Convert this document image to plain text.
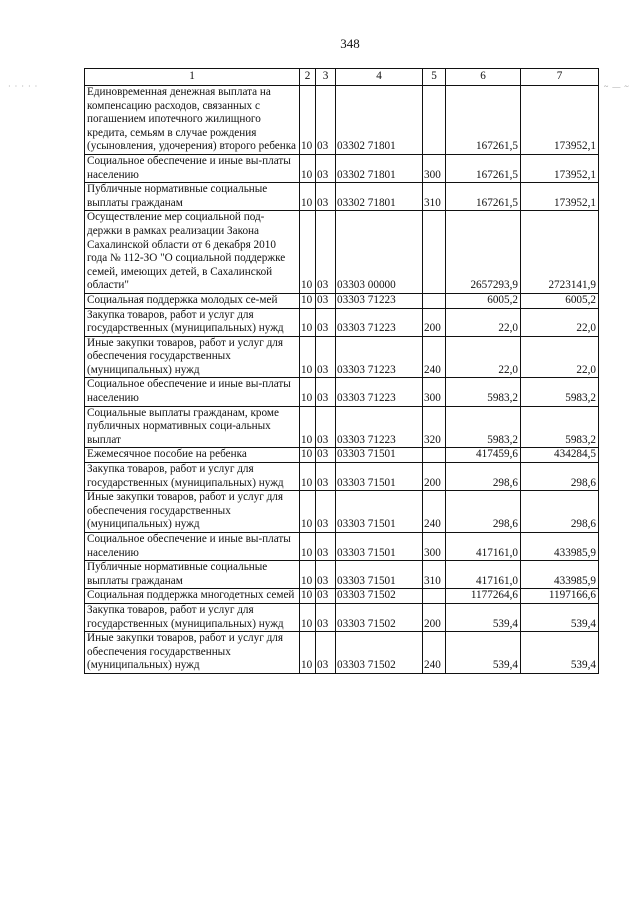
348
· · · · ·	~ — ~
1	2	3	4	5	6	7
Единовременная денежная выплата на компенсацию расходов, связанных с погашением ипотечного жилищного кредита, семьям в случае рождения (усыновления, удочерения) второго ребенка	10	03	03302 71801		167261,5	173952,1
Социальное обеспечение и иные вы-платы населению	10	03	03302 71801	300	167261,5	173952,1
Публичные нормативные социальные выплаты гражданам	10	03	03302 71801	310	167261,5	173952,1
Осуществление мер социальной под-держки в рамках реализации Закона Сахалинской области от 6 декабря 2010 года № 112-ЗО "О социальной поддержке семей, имеющих детей, в Сахалинской области"	10	03	03303 00000		2657293,9	2723141,9
Социальная поддержка молодых се-мей	10	03	03303 71223		6005,2	6005,2
Закупка товаров, работ и услуг для государственных (муниципальных) нужд	10	03	03303 71223	200	22,0	22,0
Иные закупки товаров, работ и услуг для обеспечения государственных (муниципальных) нужд	10	03	03303 71223	240	22,0	22,0
Социальное обеспечение и иные вы-платы населению	10	03	03303 71223	300	5983,2	5983,2
Социальные выплаты гражданам, кроме публичных нормативных соци-альных выплат	10	03	03303 71223	320	5983,2	5983,2
Ежемесячное пособие на ребенка	10	03	03303 71501		417459,6	434284,5
Закупка товаров, работ и услуг для государственных (муниципальных) нужд	10	03	03303 71501	200	298,6	298,6
Иные закупки товаров, работ и услуг для обеспечения государственных (муниципальных) нужд	10	03	03303 71501	240	298,6	298,6
Социальное обеспечение и иные вы-платы населению	10	03	03303 71501	300	417161,0	433985,9
Публичные нормативные социальные выплаты гражданам	10	03	03303 71501	310	417161,0	433985,9
Социальная поддержка многодетных семей	10	03	03303 71502		1177264,6	1197166,6
Закупка товаров, работ и услуг для государственных (муниципальных) нужд	10	03	03303 71502	200	539,4	539,4
Иные закупки товаров, работ и услуг для обеспечения государственных (муниципальных) нужд	10	03	03303 71502	240	539,4	539,4
